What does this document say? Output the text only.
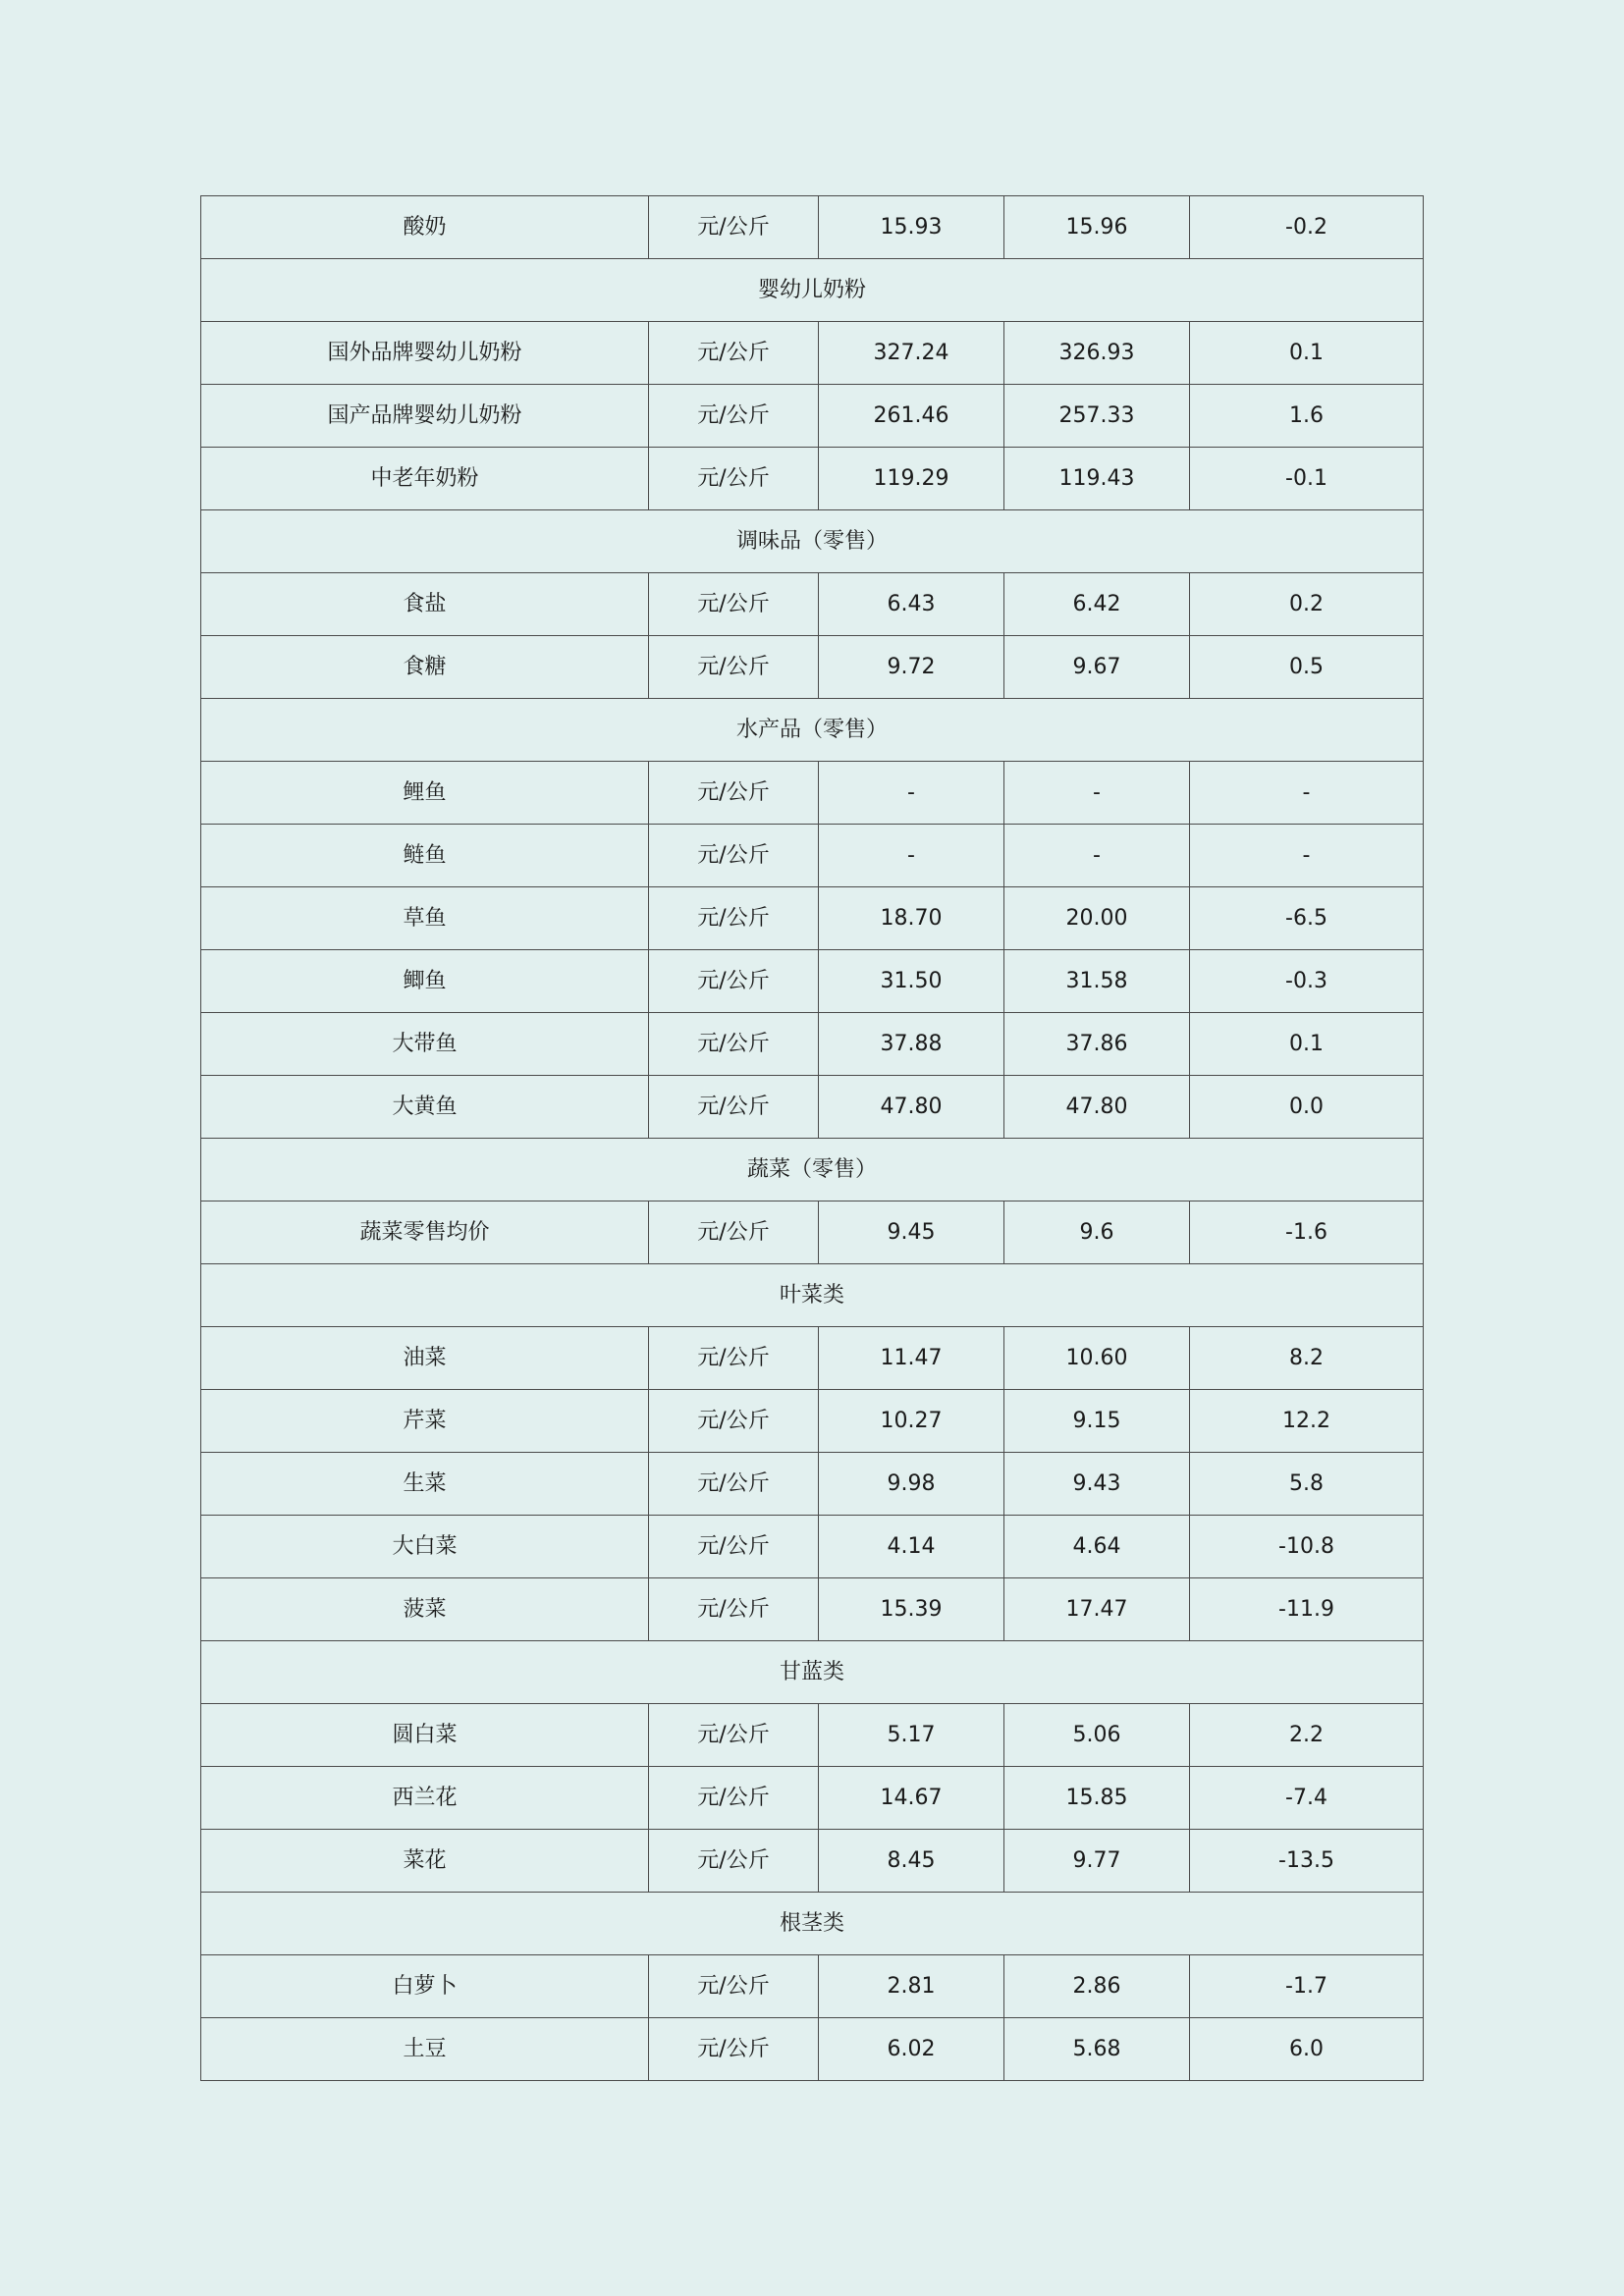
酸奶	元/公斤	15.93	15.96	-0.2
婴幼儿奶粉				
国外品牌婴幼儿奶粉	元/公斤	327.24	326.93	0.1
国产品牌婴幼儿奶粉	元/公斤	261.46	257.33	1.6
中老年奶粉	元/公斤	119.29	119.43	-0.1
调味品（零售）				
食盐	元/公斤	6.43	6.42	0.2
食糖	元/公斤	9.72	9.67	0.5
水产品（零售）				
鲤鱼	元/公斤	-	-	-
鲢鱼	元/公斤	-	-	-
草鱼	元/公斤	18.70	20.00	-6.5
鲫鱼	元/公斤	31.50	31.58	-0.3
大带鱼	元/公斤	37.88	37.86	0.1
大黄鱼	元/公斤	47.80	47.80	0.0
蔬菜（零售）				
蔬菜零售均价	元/公斤	9.45	9.6	-1.6
叶菜类				
油菜	元/公斤	11.47	10.60	8.2
芹菜	元/公斤	10.27	9.15	12.2
生菜	元/公斤	9.98	9.43	5.8
大白菜	元/公斤	4.14	4.64	-10.8
菠菜	元/公斤	15.39	17.47	-11.9
甘蓝类				
圆白菜	元/公斤	5.17	5.06	2.2
西兰花	元/公斤	14.67	15.85	-7.4
菜花	元/公斤	8.45	9.77	-13.5
根茎类				
白萝卜	元/公斤	2.81	2.86	-1.7
土豆	元/公斤	6.02	5.68	6.0
